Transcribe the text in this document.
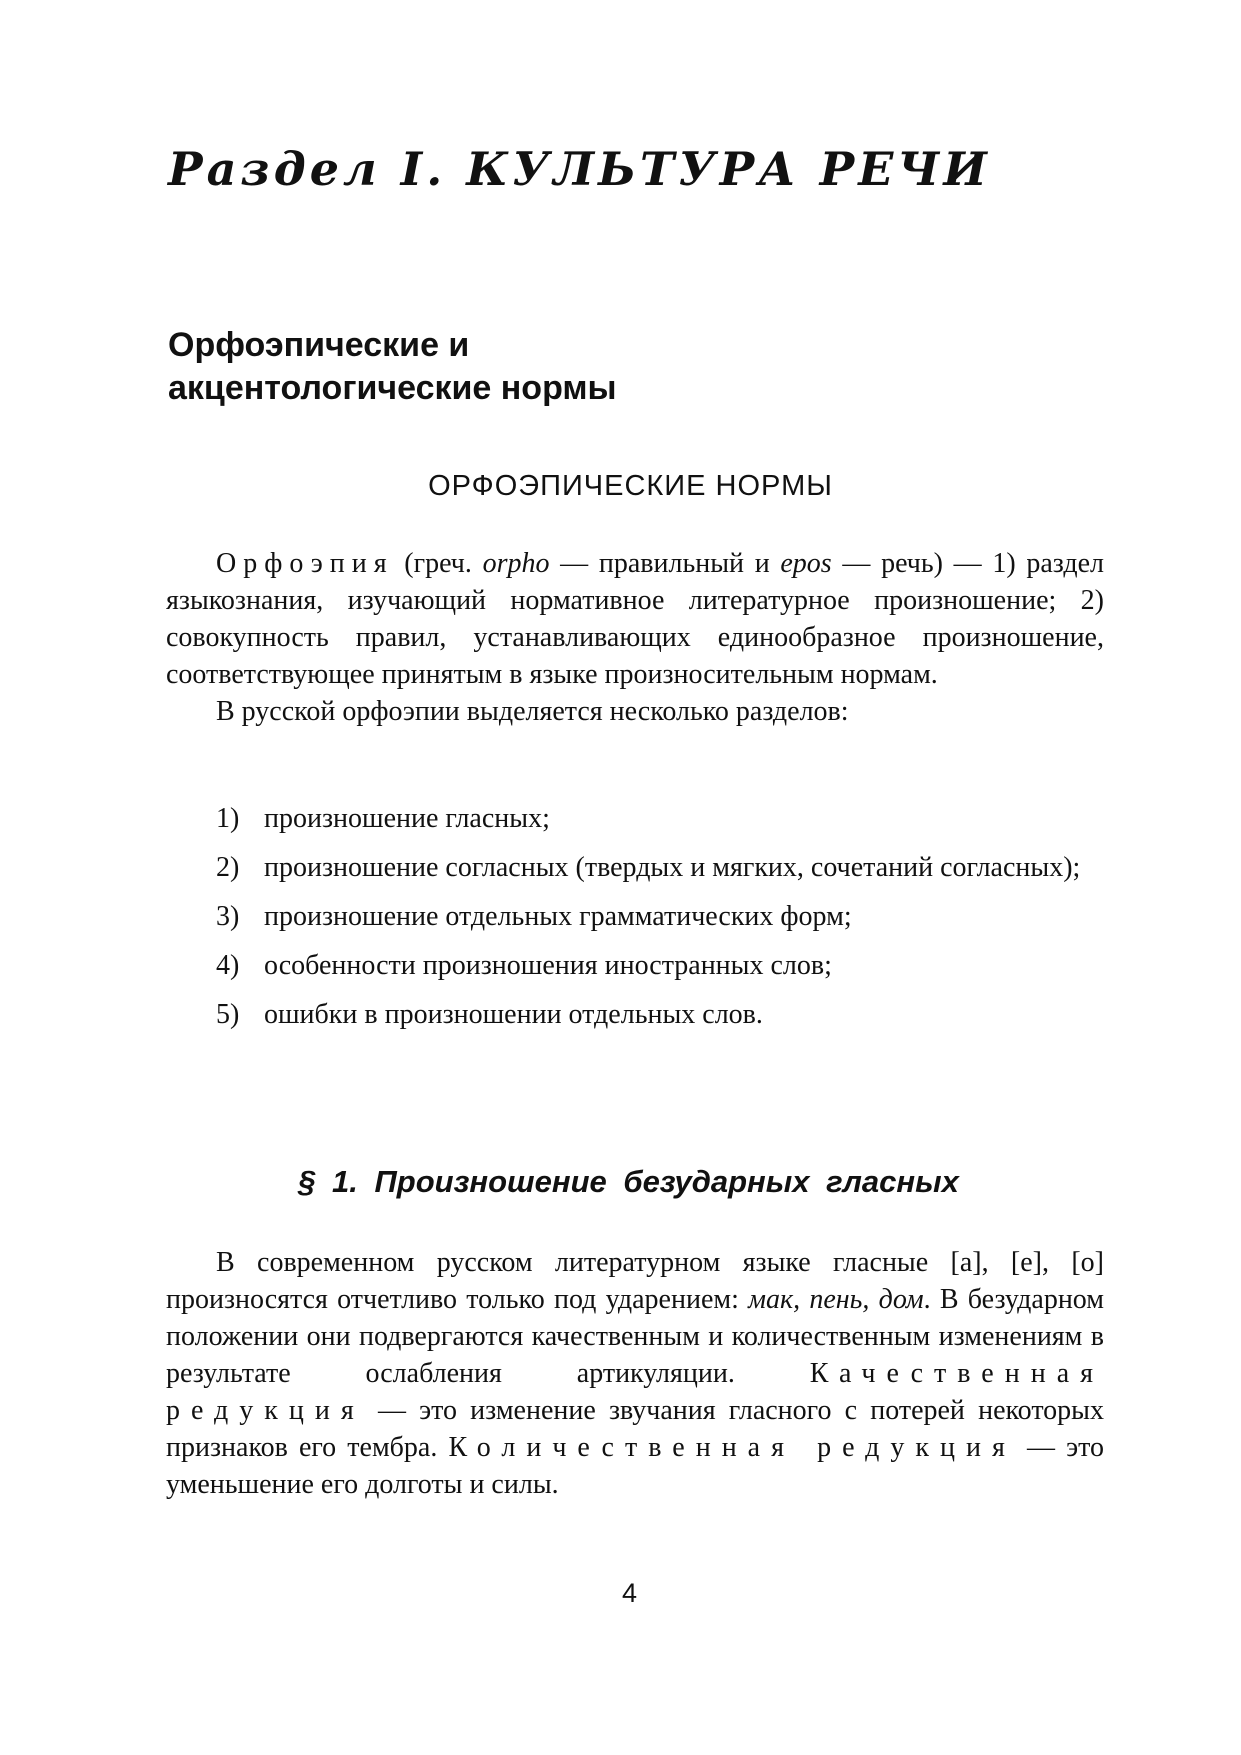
Раздел I. КУЛЬТУРА РЕЧИ
Орфоэпические и
акцентологические нормы
ОРФОЭПИЧЕСКИЕ НОРМЫ

Орфоэпия (греч. orpho — правильный и epos — речь) — 1) раздел языкознания, изучающий нормативное литературное произношение; 2) совокупность правил, устанавливающих единообразное произношение, соответствующее принятым в языке произносительным нормам.

В русской орфоэпии выделяется несколько разделов:

1) произношение гласных;
2) произношение согласных (твердых и мягких, сочетаний согласных);
3) произношение отдельных грамматических форм;
4) особенности произношения иностранных слов;
5) ошибки в произношении отдельных слов.
§ 1. Произношение безударных гласных

В современном русском литературном языке гласные [а], [е], [о] произносятся отчетливо только под ударением: мак, пень, дом. В безударном положении они подвергаются качественным и количественным изменениям в результате ослабления артикуляции. Качественная редукция — это изменение звучания гласного с потерей некоторых признаков его тембра. Количественная редукция — это уменьшение его долготы и силы.

4
